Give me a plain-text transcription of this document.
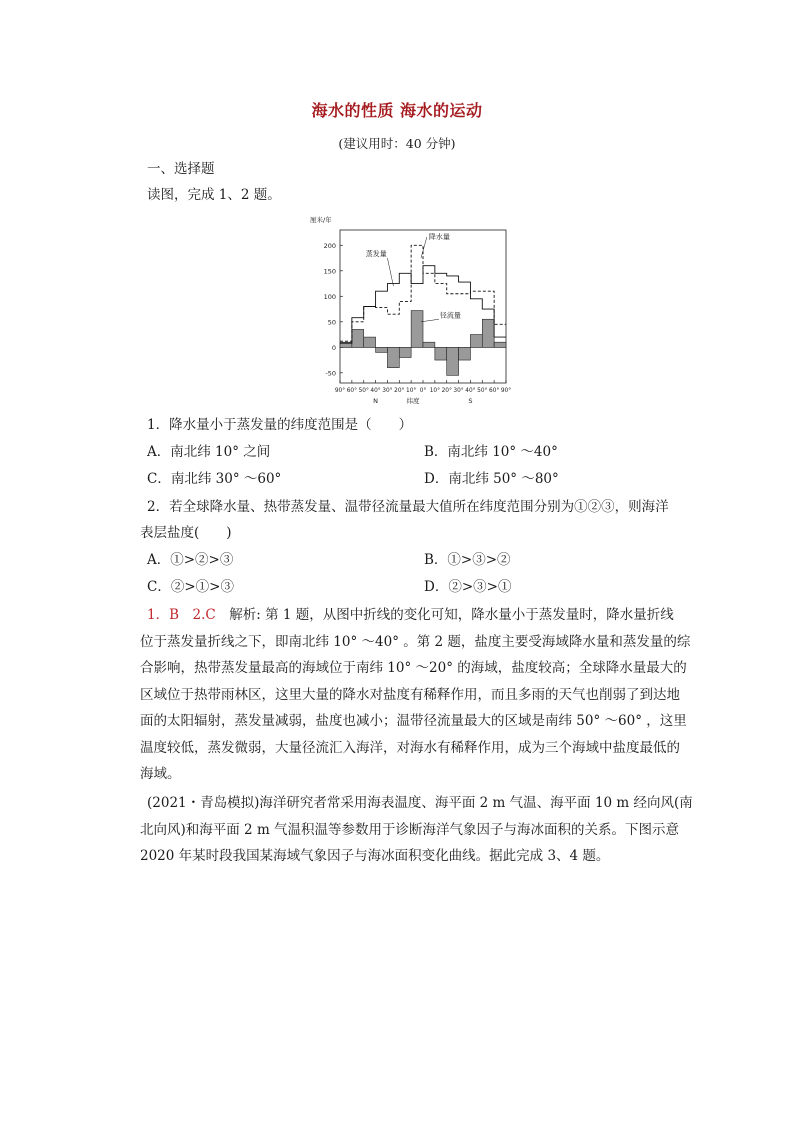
海水的性质 海水的运动
(建议用时：40 分钟)
一、选择题
读图，完成 1、2 题。
200
150
100
50
0
-50
厘米/年
90° 60° 50° 40° 30° 20° 10° 0° 10° 20° 30° 40° 50° 60° 90°
N	S
纬度
降水量
蒸发量
径流量
1．降水量小于蒸发量的纬度范围是（　　）
A．南北纬 10° 之间	B．南北纬 10° ～40°
C．南北纬 30° ～60°	D．南北纬 50° ～80°
2．若全球降水量、热带蒸发量、温带径流量最大值所在纬度范围分别为①②③，则海洋
表层盐度(　　)
A．①>②>③	B．①>③>②
C．②>①>③	D．②>③>①
1．B　2.C　解析: 第 1 题，从图中折线的变化可知，降水量小于蒸发量时，降水量折线
位于蒸发量折线之下，即南北纬 10° ～40° 。第 2 题，盐度主要受海域降水量和蒸发量的综
合影响，热带蒸发量最高的海域位于南纬 10° ～20° 的海域，盐度较高；全球降水量最大的
区域位于热带雨林区，这里大量的降水对盐度有稀释作用，而且多雨的天气也削弱了到达地
面的太阳辐射，蒸发量减弱，盐度也减小；温带径流量最大的区域是南纬 50° ～60° ，这里
温度较低，蒸发微弱，大量径流汇入海洋，对海水有稀释作用，成为三个海域中盐度最低的
海域。
(2021・青岛模拟)海洋研究者常采用海表温度、海平面 2 m 气温、海平面 10 m 经向风(南
北向风)和海平面 2 m 气温积温等参数用于诊断海洋气象因子与海冰面积的关系。下图示意
2020 年某时段我国某海域气象因子与海冰面积变化曲线。据此完成 3、4 题。
